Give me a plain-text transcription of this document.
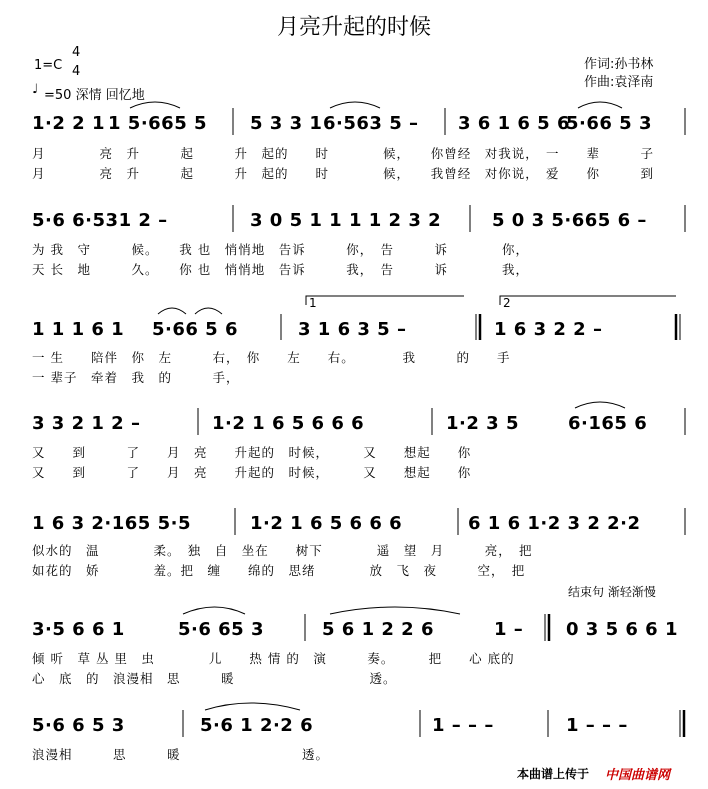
月亮升起的时候
1=C
4
4
♩ =50 深情 回忆地
作词:孙书林
作曲:袁泽南
1·2 2 1 1 5·665 5 5 3 3 1 6·563 5 – 3 6 1 6 5 6
5·66 5 3
月　　　　亮　升　　　起　　　升　起的　　时　　　　候，　　你曾经　对我说，　一　　辈　　　子
月　　　　亮　升　　　起　　　升　起的　　时　　　　候，　　我曾经　对你说，　爱　　你　　　到
5·6 6·531 2 –	3 0 5 1 1 1 1 2 3 2	5 0 3 5·665 6 –
为 我　守　　　候。　　我 也　悄悄地　告诉　　　你，　告　　　诉　　　　你，
天 长　地　　　久。　　你 也　悄悄地　告诉　　　我，　告　　　诉　　　　我，
1	2
1 1 1 6 1 5·66 5 6	3 1 6 3 5 –	1 6 3 2 2 –
一 生　　陪伴　你　左　　　右，　你　　左　　右。　　　　我　　　的　　手
一 辈子　牵着　我　的　　　手，
3 3 2 1 2 –	1·2 1 6 5 6 6 6	1·2 3 5	6·165 6
又　　到　　　了　　月　亮　　升起的　时候，　　　又　　想起　　你
又　　到　　　了　　月　亮　　升起的　时候，　　　又　　想起　　你
1 6 3 2·165 5·5	1·2 1 6 5 6 6 6	6 1 6 1·2 3 2 2·2
似水的　温　　　　柔。　独　自　坐在　　树下　　　　遥　望　月　　　亮，　把
如花的　娇　　　　羞。把　缠　　绵的　思绪　　　　放　飞　夜　　　空，　把
结束句 渐轻渐慢
3·5 6 6 1	5·6 65 3	5 6 1 2 2 6	1 – 0 3 5 6 6 1
倾 听　草 丛 里　虫　　　　儿　　热 情 的　演　　　奏。　　　把　　心 底的
心　底　的　浪漫相　思　　　暖　　　　　　　　　　透。
5·6 6 5 3	5·6 1 2·2 6	1 – – –	1 – – –
浪漫相　　　思　　　暖　　　　　　　　　透。
本曲谱上传于 中国曲谱网
